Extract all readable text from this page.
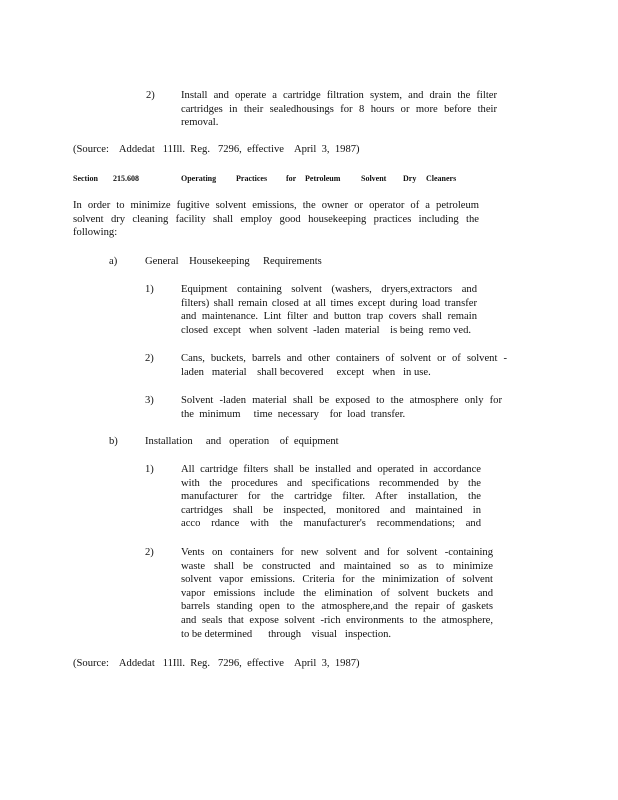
2) Install and operate a cartridge filtration system, and drain the filter
cartridges in their sealedhousings for 8 hours or more before their
removal.
(Source:    Addedat   11Ill.  Reg.   7296,  effective    April  3,  1987)
Section 215.608	Operating Practices for Petroleum	Solvent Dry Cleaners
In order to minimize fugitive solvent emissions, the owner or operator of a petroleum
solvent dry cleaning facility shall employ good housekeeping practices including the
following:
a)	General    Housekeeping     Requirements
1)	Equipment containing solvent (washers, dryers,extractors and
filters) shall remain closed at all times except during load transfer
and maintenance. Lint filter and button trap covers shall remain
closed  except   when  solvent  -laden  material    is being  remo ved.
2)	Cans, buckets, barrels and other containers of solvent or of solvent -
laden   material    shall becovered     except   when   in use.
3)	Solvent -laden material shall be exposed to the atmosphere only for
the  minimum     time  necessary    for  load  transfer.
b)	Installation     and   operation    of  equipment
1)	All cartridge filters shall be installed and operated in accordance
with the procedures and specifications recommended by the
manufacturer for the cartridge filter. After installation, the
cartridges shall be inspected, monitored and maintained in
acco rdance with the manufacturer's recommendations; and
2)	Vents on containers for new solvent and for solvent -containing
waste shall be constructed and maintained so as to minimize
solvent vapor emissions. Criteria for the minimization of solvent
vapor emissions include the elimination of solvent buckets and
barrels standing open to the atmosphere,and the repair of gaskets
and seals that expose solvent -rich environments to the atmosphere,
to be determined      through    visual   inspection.
(Source:    Addedat   11Ill.  Reg.   7296,  effective    April  3,  1987)
